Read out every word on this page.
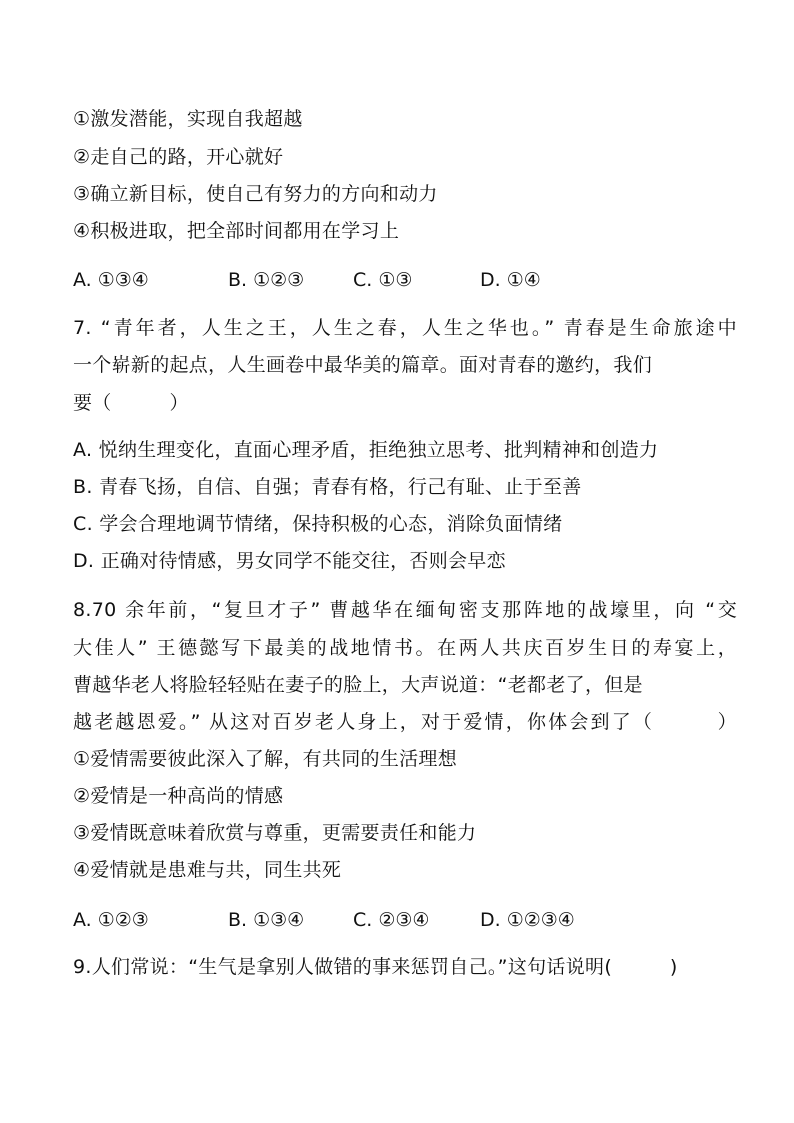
①激发潜能，实现自我超越
②走自己的路，开心就好
③确立新目标，使自己有努力的方向和动力
④积极进取，把全部时间都用在学习上
A. ①③④	B. ①②③	C. ①③	D. ①④
7. “青年者，人生之王，人生之春，人生之华也。” 青春是生命旅途中
一个崭新的起点，人生画卷中最华美的篇章。面对青春的邀约，我们
要（　　　）
A. 悦纳生理变化，直面心理矛盾，拒绝独立思考、批判精神和创造力
B. 青春飞扬，自信、自强；青春有格，行己有耻、止于至善
C. 学会合理地调节情绪，保持积极的心态，消除负面情绪
D. 正确对待情感，男女同学不能交往，否则会早恋
8.70 余年前，“复旦才子” 曹越华在缅甸密支那阵地的战壕里，向 “交
大佳人” 王德懿写下最美的战地情书。在两人共庆百岁生日的寿宴上，
曹越华老人将脸轻轻贴在妻子的脸上，大声说道：“老都老了，但是
越老越恩爱。” 从这对百岁老人身上，对于爱情，你体会到了（　　　）
①爱情需要彼此深入了解，有共同的生活理想
②爱情是一种高尚的情感
③爱情既意味着欣赏与尊重，更需要责任和能力
④爱情就是患难与共，同生共死
A. ①②③	B. ①③④	C. ②③④	D. ①②③④
9.人们常说：“生气是拿别人做错的事来惩罚自己。”这句话说明(　　　)
